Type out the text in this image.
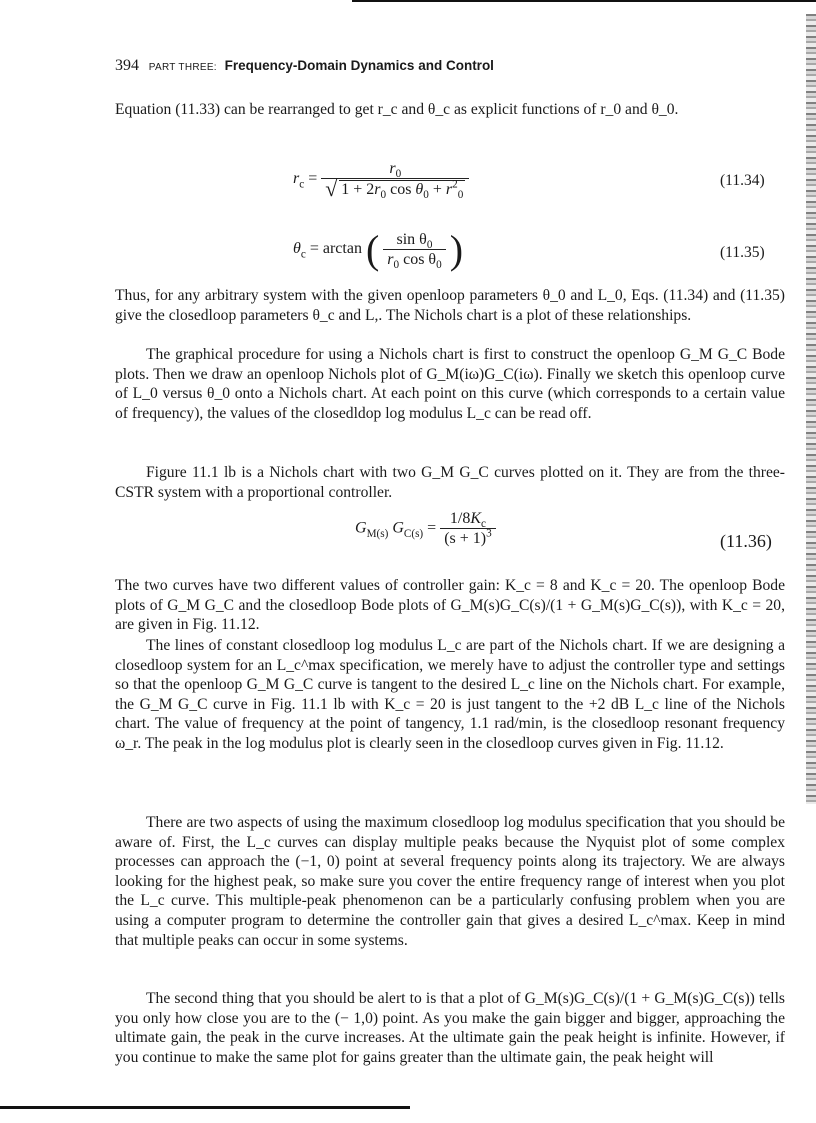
394 PART THREE: Frequency-Domain Dynamics and Control
Equation (11.33) can be rearranged to get r_c and θ_c as explicit functions of r_0 and θ_0.
$r_c$ =
$r_0$
√ $1 + 2r_0$ $\cos \theta_0 + r^2_0$
(11.34)
$\theta_c = \arctan$ ( $\frac{\sin \theta_0}{r_0 \cos \theta_0}$ )	(11.35)
Thus, for any arbitrary system with the given openloop parameters θ_0 and L_0, Eqs. (11.34) and (11.35) give the closedloop parameters θ_c and L,. The Nichols chart is a plot of these relationships.
The graphical procedure for using a Nichols chart is first to construct the openloop G_M G_C Bode plots. Then we draw an openloop Nichols plot of G_M(iω)G_C(iω). Finally we sketch this openloop curve of L_0 versus θ_0 onto a Nichols chart. At each point on this curve (which corresponds to a certain value of frequency), the values of the closedldop log modulus L_c can be read off.
Figure 11.1 lb is a Nichols chart with two G_M G_C curves plotted on it. They are from the three-CSTR system with a proportional controller.
$G_{M(s)}$ $G_{C(s)} = \frac{1/8K_c}{(s + 1)^3}$	(11.36)
The two curves have two different values of controller gain: K_c = 8 and K_c = 20. The openloop Bode plots of G_M G_C and the closedloop Bode plots of G_M(s)G_C(s)/(1 + G_M(s)G_C(s)), with K_c = 20, are given in Fig. 11.12.
The lines of constant closedloop log modulus L_c are part of the Nichols chart. If we are designing a closedloop system for an L_c^max specification, we merely have to adjust the controller type and settings so that the openloop G_M G_C curve is tangent to the desired L_c line on the Nichols chart. For example, the G_M G_C curve in Fig. 11.1 lb with K_c = 20 is just tangent to the +2 dB L_c line of the Nichols chart. The value of frequency at the point of tangency, 1.1 rad/min, is the closedloop resonant frequency ω_r. The peak in the log modulus plot is clearly seen in the closedloop curves given in Fig. 11.12.
There are two aspects of using the maximum closedloop log modulus specification that you should be aware of. First, the L_c curves can display multiple peaks because the Nyquist plot of some complex processes can approach the (−1, 0) point at several frequency points along its trajectory. We are always looking for the highest peak, so make sure you cover the entire frequency range of interest when you plot the L_c curve. This multiple-peak phenomenon can be a particularly confusing problem when you are using a computer program to determine the controller gain that gives a desired L_c^max. Keep in mind that multiple peaks can occur in some systems.
The second thing that you should be alert to is that a plot of G_M(s)G_C(s)/(1 + G_M(s)G_C(s)) tells you only how close you are to the (− 1,0) point. As you make the gain bigger and bigger, approaching the ultimate gain, the peak in the curve increases. At the ultimate gain the peak height is infinite. However, if you continue to make the same plot for gains greater than the ultimate gain, the peak height will
